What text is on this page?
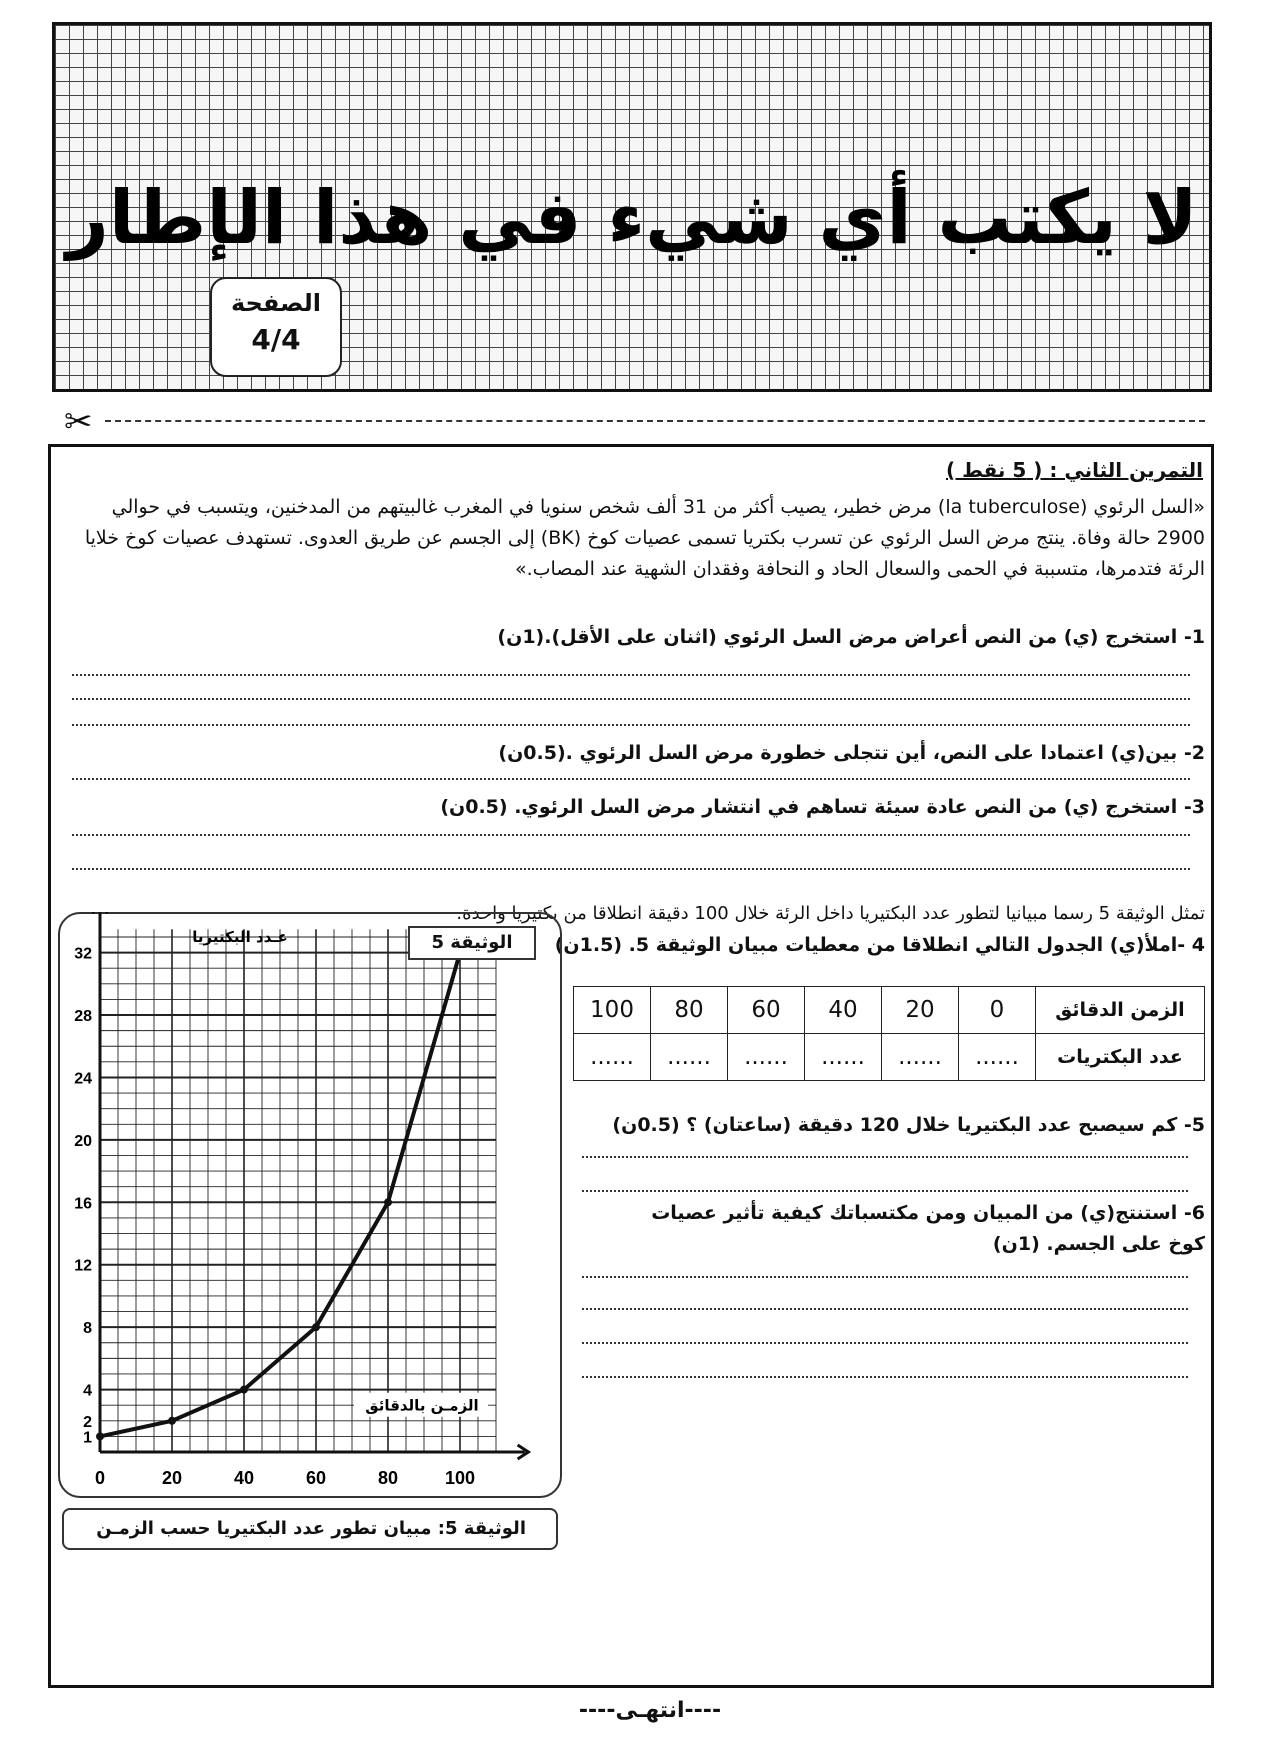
لا يكتب أي شيء في هذا الإطار
الصفحة
4/4
✂
التمرين الثاني : ( 5 نقط )
«السل الرئوي (la tuberculose) مرض خطير، يصيب أكثر من 31 ألف شخص سنويا في المغرب غالبيتهم من المدخنين، ويتسبب في حوالي 2900 حالة وفاة. ينتج مرض السل الرئوي عن تسرب بكتريا تسمى عصيات كوخ (BK) إلى الجسم عن طريق العدوى. تستهدف عصيات كوخ خلايا الرئة فتدمرها، متسببة في الحمى والسعال الحاد و النحافة وفقدان الشهية عند المصاب.»
1- استخرج (ي) من النص أعراض مرض السل الرئوي (اثنان على الأقل).(1ن)
2- بين(ي) اعتمادا على النص، أين تتجلى خطورة مرض السل الرئوي .(0.5ن)
3- استخرج (ي) من النص عادة سيئة تساهم في انتشار مرض السل الرئوي. (0.5ن)
تمثل الوثيقة 5 رسما مبيانيا لتطور عدد البكتيريا داخل الرئة خلال 100 دقيقة انطلاقا من بكتيريا واحدة.
4 -املأ(ي) الجدول التالي انطلاقا من معطيات مبيان الوثيقة 5. (1.5ن)
الزمن الدقائق	0	20	40	60	80	100
عدد البكتريات	......	......	......	......	......	......
5- كم سيصبح عدد البكتيريا خلال 120 دقيقة (ساعتان) ؟ (0.5ن)
6- استنتج(ي) من المبيان ومن مكتسباتك كيفية تأثير عصيات كوخ على الجسم. (1ن)
0	20	40	60	80	100
1
2
4
8
12
16
20
24
28
32
عـدد البكتيريا
الزمـن بالدقائق
الوثيقة 5
الوثيقة 5: مبيان تطور عدد البكتيريا حسب الزمـن
----انتهـى----
